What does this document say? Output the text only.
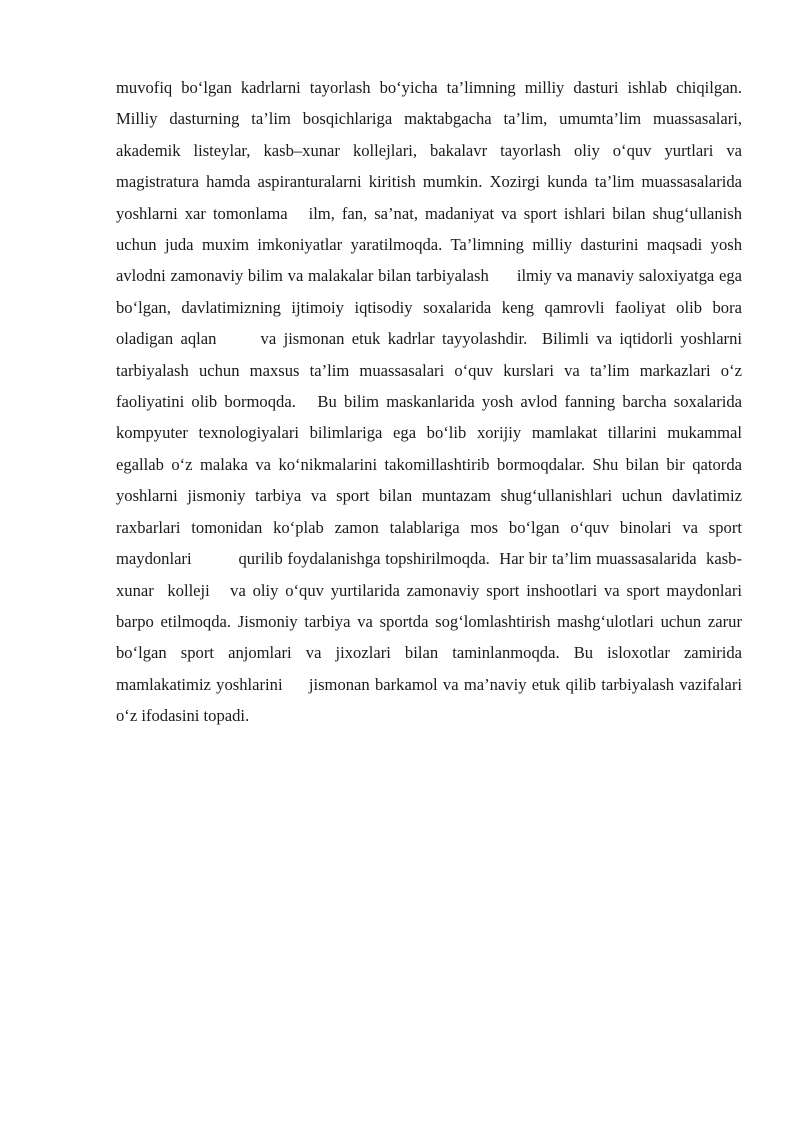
muvofiq bo‘lgan kadrlarni tayorlash bo‘yicha ta’limning milliy dasturi ishlab chiqilgan.  Milliy dasturning ta’lim bosqichlariga maktabgacha ta’lim, umumta’lim muassasalari, akademik listeylar, kasb–xunar kollejlari, bakalavr tayorlash oliy o‘quv yurtlari va magistratura hamda aspiranturalarni kiritish mumkin. Xozirgi kunda ta’lim muassasalarida yoshlarni xar tomonlama   ilm, fan, sa’nat, madaniyat va sport ishlari bilan shug‘ullanish uchun juda muxim imkoniyatlar yaratilmoqda. Ta’limning milliy dasturini maqsadi yosh avlodni zamonaviy bilim va malakalar bilan tarbiyalash      ilmiy va manaviy saloxiyatga ega bo‘lgan, davlatimizning ijtimoiy iqtisodiy soxalarida keng qamrovli faoliyat olib bora oladigan aqlan      va jismonan etuk kadrlar tayyolashdir.  Bilimli va iqtidorli yoshlarni tarbiyalash uchun maxsus ta’lim muassasalari o‘quv kurslari va ta’lim markazlari o‘z faoliyatini olib bormoqda.   Bu bilim maskanlarida yosh avlod fanning barcha soxalarida kompyuter texnologiyalari bilimlariga ega bo‘lib xorijiy mamlakat tillarini mukammal egallab o‘z malaka va ko‘nikmalarini takomillashtirib bormoqdalar. Shu bilan bir qatorda yoshlarni jismoniy tarbiya va sport bilan muntazam shug‘ullanishlari uchun davlatimiz raxbarlari tomonidan ko‘plab zamon talablariga mos bo‘lgan o‘quv binolari va sport maydonlari          qurilib foydalanishga topshirilmoqda.  Har bir ta’lim muassasalarida  kasb-xunar  kolleji   va oliy o‘quv yurtilarida zamonaviy sport inshootlari va sport maydonlari barpo etilmoqda. Jismoniy tarbiya va sportda sog‘lomlashtirish mashg‘ulotlari uchun zarur bo‘lgan sport anjomlari va jixozlari bilan taminlanmoqda. Bu isloxotlar zamirida mamlakatimiz yoshlarini     jismonan barkamol va ma’naviy etuk qilib tarbiyalash vazifalari    o‘z ifodasini topadi.
